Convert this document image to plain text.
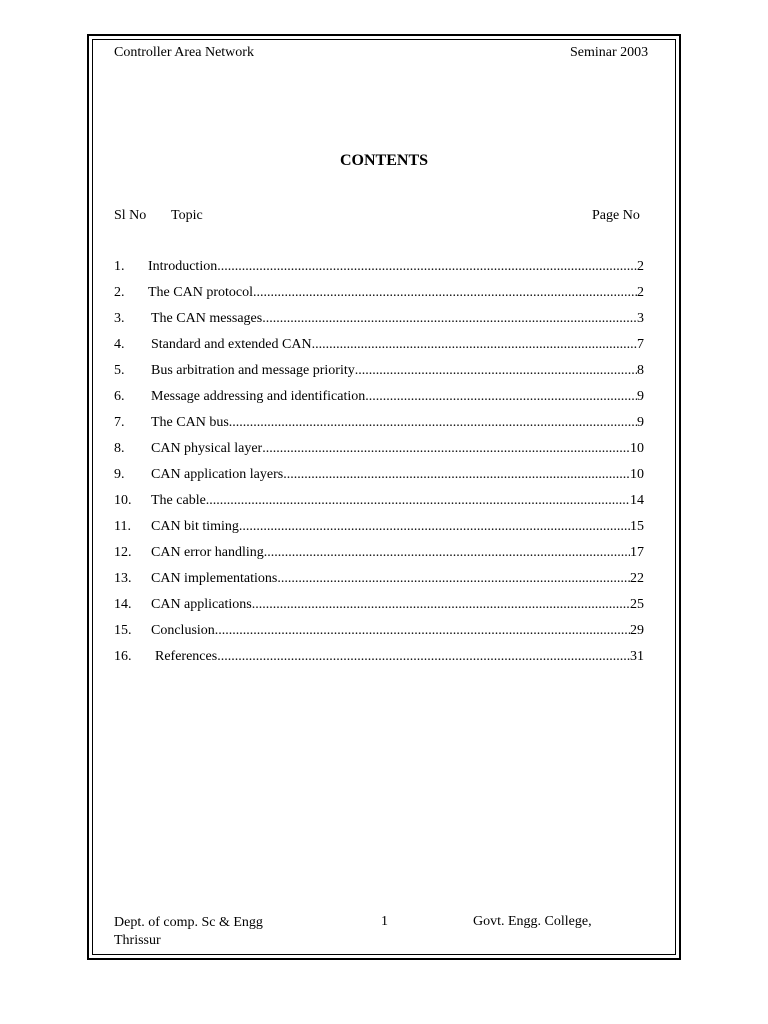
Controller Area Network	Seminar 2003
CONTENTS
Sl No Topic	Page No
1. Introduction .....	2
2. The CAN protocol .....	2
3. The CAN messages .....	3
4. Standard and extended CAN .....	7
5. Bus arbitration and message priority .....	8
6. Message addressing and identification .....	9
7. The CAN bus .....	9
8. CAN physical layer .....	10
9. CAN application layers .....	10
10. The cable .....	14
11. CAN bit timing .....	15
12. CAN error handling .....	17
13. CAN implementations .....	22
14. CAN applications .....	25
15. Conclusion .....	29
16. References .....	31
Dept. of comp. Sc & Engg
Thrissur
1	Govt. Engg. College,
